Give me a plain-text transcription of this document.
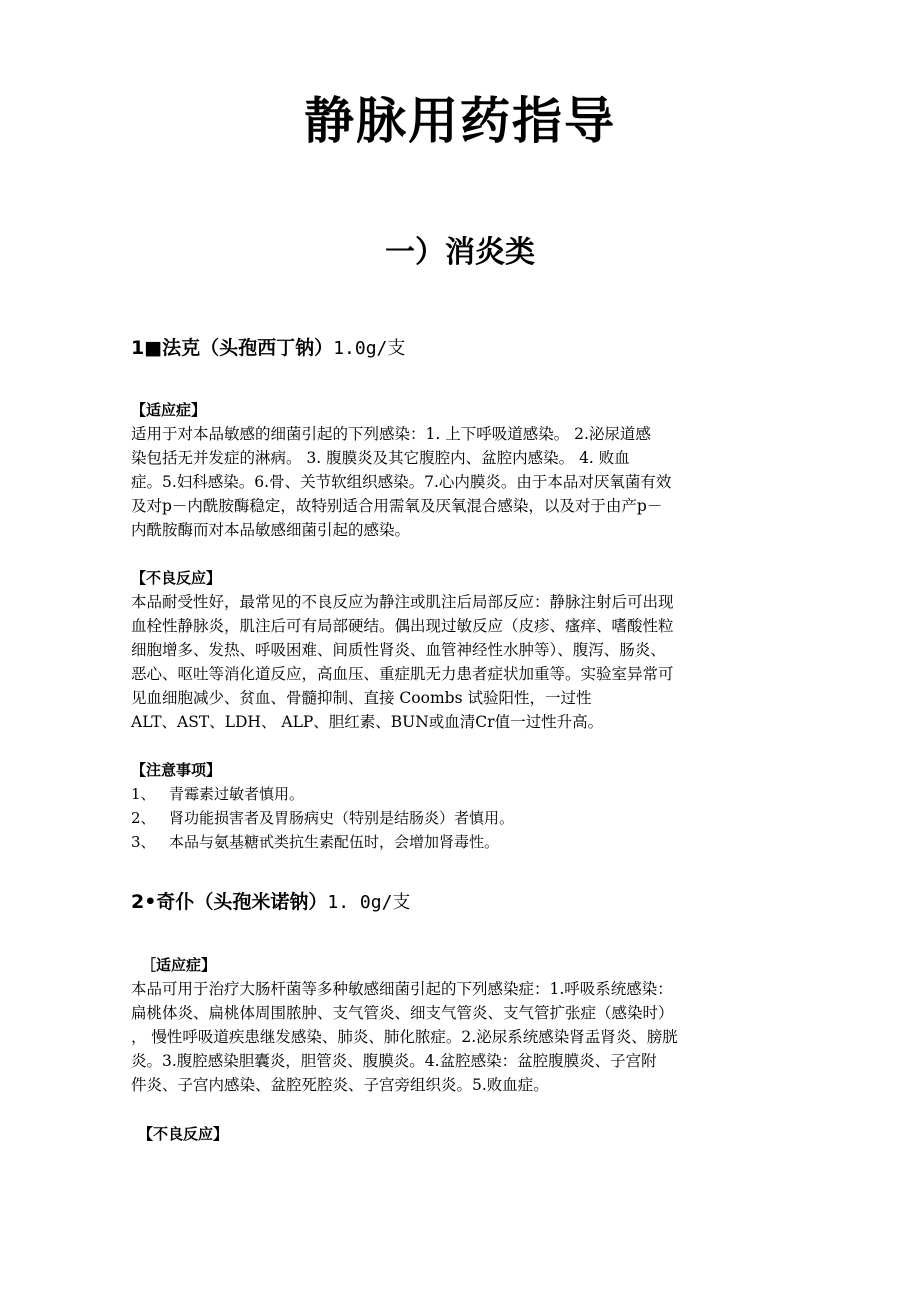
静脉用药指导
一）消炎类
1■法克（头孢西丁钠）1.0g/支

【适应症】

适用于对本品敏感的细菌引起的下列感染：1. 上下呼吸道感染。 2.泌尿道感

染包括无并发症的淋病。 3. 腹膜炎及其它腹腔内、盆腔内感染。 4. 败血

症。5.妇科感染。6.骨、关节软组织感染。7.心内膜炎。由于本品对厌氧菌有效

及对p－内酰胺酶稳定，故特别适合用需氧及厌氧混合感染，以及对于由产p－

内酰胺酶而对本品敏感细菌引起的感染。

【不良反应】

本品耐受性好，最常见的不良反应为静注或肌注后局部反应：静脉注射后可出现

血栓性静脉炎，肌注后可有局部硬结。偶出现过敏反应（皮疹、瘙痒、嗜酸性粒

细胞增多、发热、呼吸困难、间质性肾炎、血管神经性水肿等）、腹泻、肠炎、

恶心、呕吐等消化道反应，高血压、重症肌无力患者症状加重等。实验室异常可

见血细胞减少、贫血、骨髓抑制、直接 Coombs 试验阳性，一过性

ALT、AST、LDH、 ALP、胆红素、BUN或血清Cr值一过性升高。

【注意事项】

1、 青霉素过敏者慎用。

2、 肾功能损害者及胃肠病史（特别是结肠炎）者慎用。

3、 本品与氨基糖甙类抗生素配伍时，会增加肾毒性。

2•奇仆（头孢米诺钠）1. 0g/支

［适应症】

本品可用于治疗大肠杆菌等多种敏感细菌引起的下列感染症：1.呼吸系统感染：

扁桃体炎、扁桃体周围脓肿、支气管炎、细支气管炎、支气管扩张症（感染时）

， 慢性呼吸道疾患继发感染、肺炎、肺化脓症。2.泌尿系统感染肾盂肾炎、膀胱

炎。3.腹腔感染胆囊炎，胆管炎、腹膜炎。4.盆腔感染：盆腔腹膜炎、子宫附

件炎、子宫内感染、盆腔死腔炎、子宫旁组织炎。5.败血症。

【不良反应】
